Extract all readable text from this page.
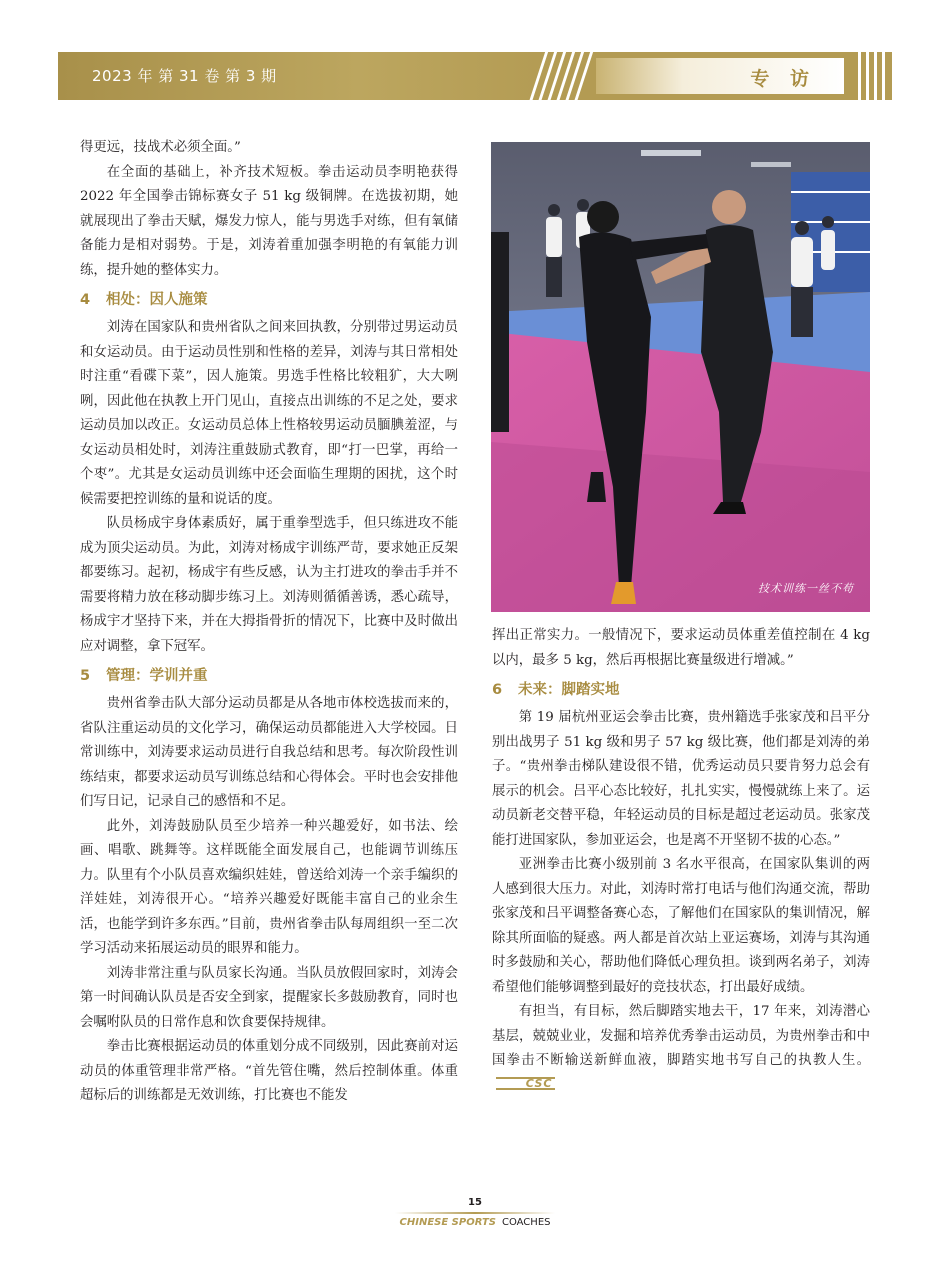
2023 年 第 31 卷 第 3 期	专 访

得更远，技战术必须全面。”

在全面的基础上，补齐技术短板。拳击运动员李明艳获得 2022 年全国拳击锦标赛女子 51 kg 级铜牌。在选拔初期，她就展现出了拳击天赋，爆发力惊人，能与男选手对练，但有氧储备能力是相对弱势。于是，刘涛着重加强李明艳的有氧能力训练，提升她的整体实力。

4 相处：因人施策

刘涛在国家队和贵州省队之间来回执教，分别带过男运动员和女运动员。由于运动员性别和性格的差异，刘涛与其日常相处时注重“看碟下菜”，因人施策。男选手性格比较粗犷，大大咧咧，因此他在执教上开门见山，直接点出训练的不足之处，要求运动员加以改正。女运动员总体上性格较男运动员腼腆羞涩，与女运动员相处时，刘涛注重鼓励式教育，即“打一巴掌，再给一个枣”。尤其是女运动员训练中还会面临生理期的困扰，这个时候需要把控训练的量和说话的度。

队员杨成宇身体素质好，属于重拳型选手，但只练进攻不能成为顶尖运动员。为此，刘涛对杨成宇训练严苛，要求她正反架都要练习。起初，杨成宇有些反感，认为主打进攻的拳击手并不需要将精力放在移动脚步练习上。刘涛则循循善诱，悉心疏导，杨成宇才坚持下来，并在大拇指骨折的情况下，比赛中及时做出应对调整，拿下冠军。

5 管理：学训并重

贵州省拳击队大部分运动员都是从各地市体校选拔而来的，省队注重运动员的文化学习，确保运动员都能进入大学校园。日常训练中，刘涛要求运动员进行自我总结和思考。每次阶段性训练结束，都要求运动员写训练总结和心得体会。平时也会安排他们写日记，记录自己的感悟和不足。

此外，刘涛鼓励队员至少培养一种兴趣爱好，如书法、绘画、唱歌、跳舞等。这样既能全面发展自己，也能调节训练压力。队里有个小队员喜欢编织娃娃，曾送给刘涛一个亲手编织的洋娃娃，刘涛很开心。“培养兴趣爱好既能丰富自己的业余生活，也能学到许多东西。”目前，贵州省拳击队每周组织一至二次学习活动来拓展运动员的眼界和能力。

刘涛非常注重与队员家长沟通。当队员放假回家时，刘涛会第一时间确认队员是否安全到家，提醒家长多鼓励教育，同时也会嘱咐队员的日常作息和饮食要保持规律。

拳击比赛根据运动员的体重划分成不同级别，因此赛前对运动员的体重管理非常严格。“首先管住嘴，然后控制体重。体重超标后的训练都是无效训练，打比赛也不能发

技术训练一丝不苟

挥出正常实力。一般情况下，要求运动员体重差值控制在 4 kg 以内，最多 5 kg，然后再根据比赛量级进行增减。”

6 未来：脚踏实地

第 19 届杭州亚运会拳击比赛，贵州籍选手张家茂和吕平分别出战男子 51 kg 级和男子 57 kg 级比赛，他们都是刘涛的弟子。“贵州拳击梯队建设很不错，优秀运动员只要肯努力总会有展示的机会。吕平心态比较好，扎扎实实，慢慢就练上来了。运动员新老交替平稳，年轻运动员的目标是超过老运动员。张家茂能打进国家队，参加亚运会，也是离不开坚韧不拔的心态。”

亚洲拳击比赛小级别前 3 名水平很高，在国家队集训的两人感到很大压力。对此，刘涛时常打电话与他们沟通交流，帮助张家茂和吕平调整备赛心态，了解他们在国家队的集训情况，解除其所面临的疑惑。两人都是首次站上亚运赛场，刘涛与其沟通时多鼓励和关心，帮助他们降低心理负担。谈到两名弟子，刘涛希望他们能够调整到最好的竞技状态，打出最好成绩。

有担当，有目标，然后脚踏实地去干，17 年来，刘涛潜心基层，兢兢业业，发掘和培养优秀拳击运动员，为贵州拳击和中国拳击不断输送新鲜血液，脚踏实地书写自己的执教人生。CSC

15
CHINESE SPORTS COACHES
